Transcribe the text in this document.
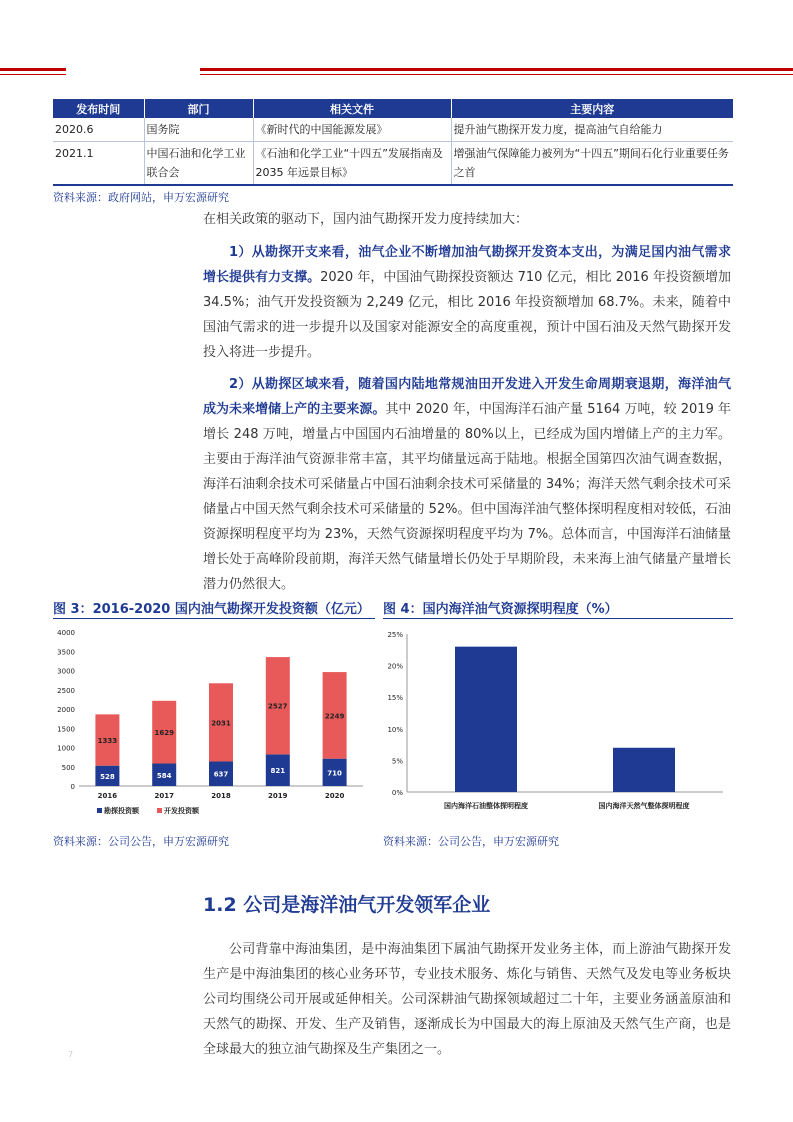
发布时间	部门	相关文件	主要内容
2020.6	国务院	《新时代的中国能源发展》	提升油气勘探开发力度，提高油气自给能力
2021.1	中国石油和化学工业联合会	《石油和化学工业“十四五”发展指南及 2035 年远景目标》	增强油气保障能力被列为“十四五”期间石化行业重要任务之首
资料来源：政府网站，申万宏源研究
在相关政策的驱动下，国内油气勘探开发力度持续加大：
1）从勘探开支来看，油气企业不断增加油气勘探开发资本支出，为满足国内油气需求增长提供有力支撑。2020 年，中国油气勘探投资额达 710 亿元，相比 2016 年投资额增加 34.5%；油气开发投资额为 2,249 亿元，相比 2016 年投资额增加 68.7%。未来，随着中国油气需求的进一步提升以及国家对能源安全的高度重视，预计中国石油及天然气勘探开发投入将进一步提升。
2）从勘探区域来看，随着国内陆地常规油田开发进入开发生命周期衰退期，海洋油气成为未来增储上产的主要来源。其中 2020 年，中国海洋石油产量 5164 万吨，较 2019 年增长 248 万吨，增量占中国国内石油增量的 80%以上，已经成为国内增储上产的主力军。主要由于海洋油气资源非常丰富，其平均储量远高于陆地。根据全国第四次油气调查数据，海洋石油剩余技术可采储量占中国石油剩余技术可采储量的 34%；海洋天然气剩余技术可采储量占中国天然气剩余技术可采储量的 52%。但中国海洋油气整体探明程度相对较低，石油资源探明程度平均为 23%，天然气资源探明程度平均为 7%。总体而言，中国海洋石油储量增长处于高峰阶段前期，海洋天然气储量增长仍处于早期阶段，未来海上油气储量产量增长潜力仍然很大。
图 3：2016-2020 国内油气勘探开发投资额（亿元） 图 4：国内海洋油气资源探明程度（%）
0
500
1000
1500
2000
2500
3000
3500
4000
528
1333
2016
584
1629
2017
637
2031
2018
821
2527
2019
710
2249
2020
勘探投资额	开发投资额
0%
5%
10%
15%
20%
25%
国内海洋石油整体探明程度	国内海洋天然气整体探明程度
资料来源：公司公告，申万宏源研究	资料来源：公司公告，申万宏源研究
1.2 公司是海洋油气开发领军企业
公司背靠中海油集团，是中海油集团下属油气勘探开发业务主体，而上游油气勘探开发生产是中海油集团的核心业务环节，专业技术服务、炼化与销售、天然气及发电等业务板块公司均围绕公司开展或延伸相关。公司深耕油气勘探领域超过二十年，主要业务涵盖原油和天然气的勘探、开发、生产及销售，逐渐成长为中国最大的海上原油及天然气生产商，也是全球最大的独立油气勘探及生产集团之一。
7
